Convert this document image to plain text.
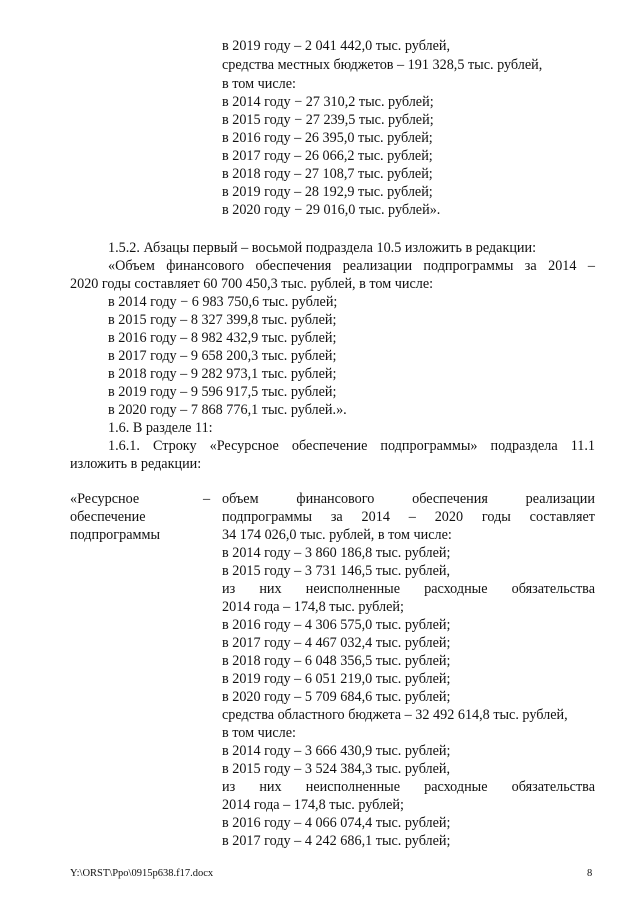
в 2019 году – 2 041 442,0 тыс. рублей,
средства местных бюджетов – 191 328,5 тыс. рублей,
в том числе:
в 2014 году − 27 310,2 тыс. рублей;
в 2015 году − 27 239,5 тыс. рублей;
в 2016 году – 26 395,0 тыс. рублей;
в 2017 году – 26 066,2 тыс. рублей;
в 2018 году – 27 108,7 тыс. рублей;
в 2019 году – 28 192,9 тыс. рублей;
в 2020 году − 29 016,0 тыс. рублей».
1.5.2. Абзацы первый – восьмой подраздела 10.5 изложить в редакции:
«Объем финансового обеспечения реализации подпрограммы за 2014 –
2020 годы составляет 60 700 450,3 тыс. рублей, в том числе:
в 2014 году − 6 983 750,6 тыс. рублей;
в 2015 году – 8 327 399,8 тыс. рублей;
в 2016 году – 8 982 432,9 тыс. рублей;
в 2017 году – 9 658 200,3 тыс. рублей;
в 2018 году – 9 282 973,1 тыс. рублей;
в 2019 году – 9 596 917,5 тыс. рублей;
в 2020 году – 7 868 776,1 тыс. рублей.».
1.6. В разделе 11:
1.6.1. Строку «Ресурсное обеспечение подпрограммы» подраздела 11.1
изложить в редакции:
«Ресурсное
обеспечение
подпрограммы
– объем финансового обеспечения реализации
подпрограммы за 2014 – 2020 годы составляет
34 174 026,0 тыс. рублей, в том числе:
в 2014 году – 3 860 186,8 тыс. рублей;
в 2015 году – 3 731 146,5 тыс. рублей,
из них неисполненные расходные обязательства
2014 года – 174,8 тыс. рублей;
в 2016 году – 4 306 575,0 тыс. рублей;
в 2017 году – 4 467 032,4 тыс. рублей;
в 2018 году – 6 048 356,5 тыс. рублей;
в 2019 году – 6 051 219,0 тыс. рублей;
в 2020 году – 5 709 684,6 тыс. рублей;
средства областного бюджета – 32 492 614,8 тыс. рублей,
в том числе:
в 2014 году – 3 666 430,9 тыс. рублей;
в 2015 году – 3 524 384,3 тыс. рублей,
из них неисполненные расходные обязательства
2014 года – 174,8 тыс. рублей;
в 2016 году – 4 066 074,4 тыс. рублей;
в 2017 году – 4 242 686,1 тыс. рублей;
Y:\ORST\Ppo\0915p638.f17.docx	8
